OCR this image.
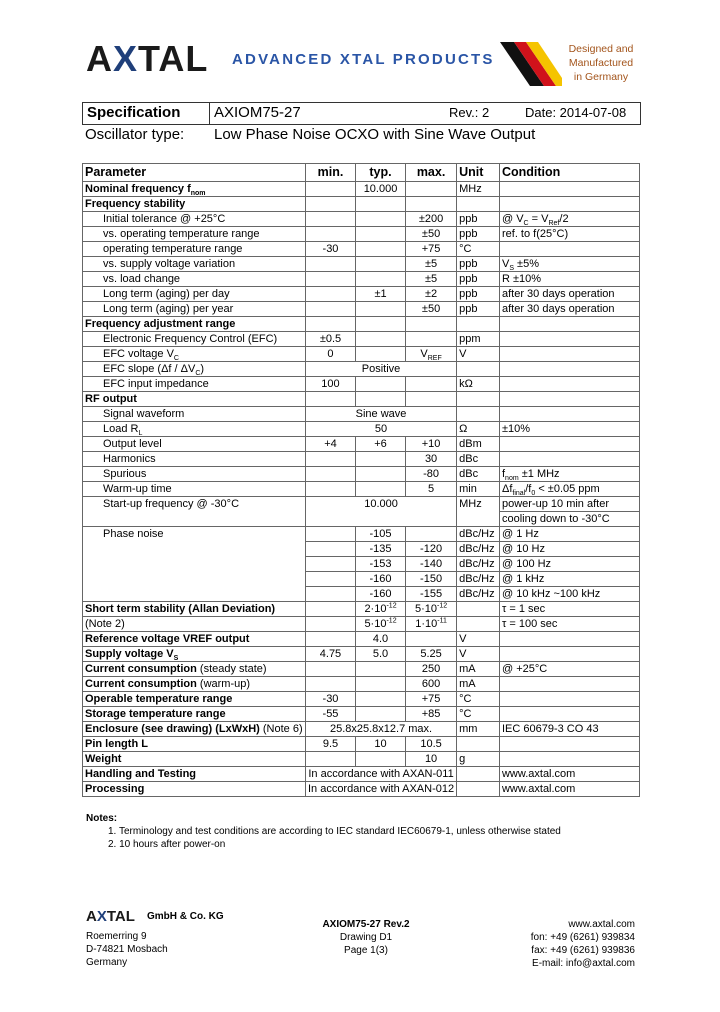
AXTAL ADVANCED XTAL PRODUCTS
Designed and
Manufactured
in Germany
Specification AXIOM75-27	Rev.: 2	Date: 2014-07-08
Oscillator type: Low Phase Noise OCXO with Sine Wave Output
Parameter	min.	typ.	max.	Unit	Condition
Nominal frequency $f_{nom}$		10.000		MHz	
Frequency stability					
Initial tolerance @ +25°C			±200	ppb	@ $V_C = V_{Ref}/2$
vs. operating temperature range			±50	ppb	ref. to f(25°C)
operating temperature range	-30		+75	°C	
vs. supply voltage variation			±5	ppb	$V_S \pm 5\%$
vs. load change			±5	ppb	R ±10%
Long term (aging) per day		±1	±2	ppb	after 30 days operation
Long term (aging) per year			±50	ppb	after 30 days operation
Frequency adjustment range					
Electronic Frequency Control (EFC)	±0.5			ppm	
EFC voltage $V_C$	0		$V_{REF}$	V	
EFC slope $(\Delta f / \Delta V_C)$	Positive				
EFC input impedance	100			kΩ	
RF output					
Signal waveform	Sine wave				
Load $R_L$	50			Ω	±10%
Output level	+4	+6	+10	dBm	
Harmonics			30	dBc	
Spurious			-80	dBc	$f_{nom} \pm 1$ MHz
Warm-up time			5	min	$\Delta f_{final}/f_0 < \pm 0.05$ ppm
Start-up frequency @ -30°C	10.000			MHz	power-up 10 min after
					cooling down to -30°C
Phase noise		-105		dBc/Hz	@ 1 Hz
		-135	-120	dBc/Hz	@ 10 Hz
		-153	-140	dBc/Hz	@ 100 Hz
		-160	-150	dBc/Hz	@ 1 kHz
		-160	-155	dBc/Hz	@ 10 kHz ~100 kHz
Short term stability (Allan Deviation)		$2\cdot 10^{-12}$	$5\cdot 10^{-12}$		τ = 1 sec
(Note 2)		$5\cdot 10^{-12}$	$1\cdot 10^{-11}$		τ = 100 sec
Reference voltage VREF output		4.0		V	
Supply voltage $V_S$	4.75	5.0	5.25	V	
Current consumption (steady state)			250	mA	@ +25°C
Current consumption (warm-up)			600	mA	
Operable temperature range	-30		+75	°C	
Storage temperature range	-55		+85	°C	
Enclosure (see drawing) (LxWxH) (Note 6)	25.8x25.8x12.7 max.			mm	IEC 60679-3 CO 43
Pin length L	9.5	10	10.5		
Weight			10	g	
Handling and Testing	In accordance with AXAN-011				www.axtal.com
Processing	In accordance with AXAN-012				www.axtal.com
Notes:
1. Terminology and test conditions are according to IEC standard IEC60679-1, unless otherwise stated
2. 10 hours after power-on
AXTAL GmbH & Co. KG
Roemerring 9
D-74821 Mosbach
Germany
AXIOM75-27 Rev.2
Drawing D1
Page 1(3)
www.axtal.com
fon: +49 (6261) 939834
fax: +49 (6261) 939836
E-mail: info@axtal.com
